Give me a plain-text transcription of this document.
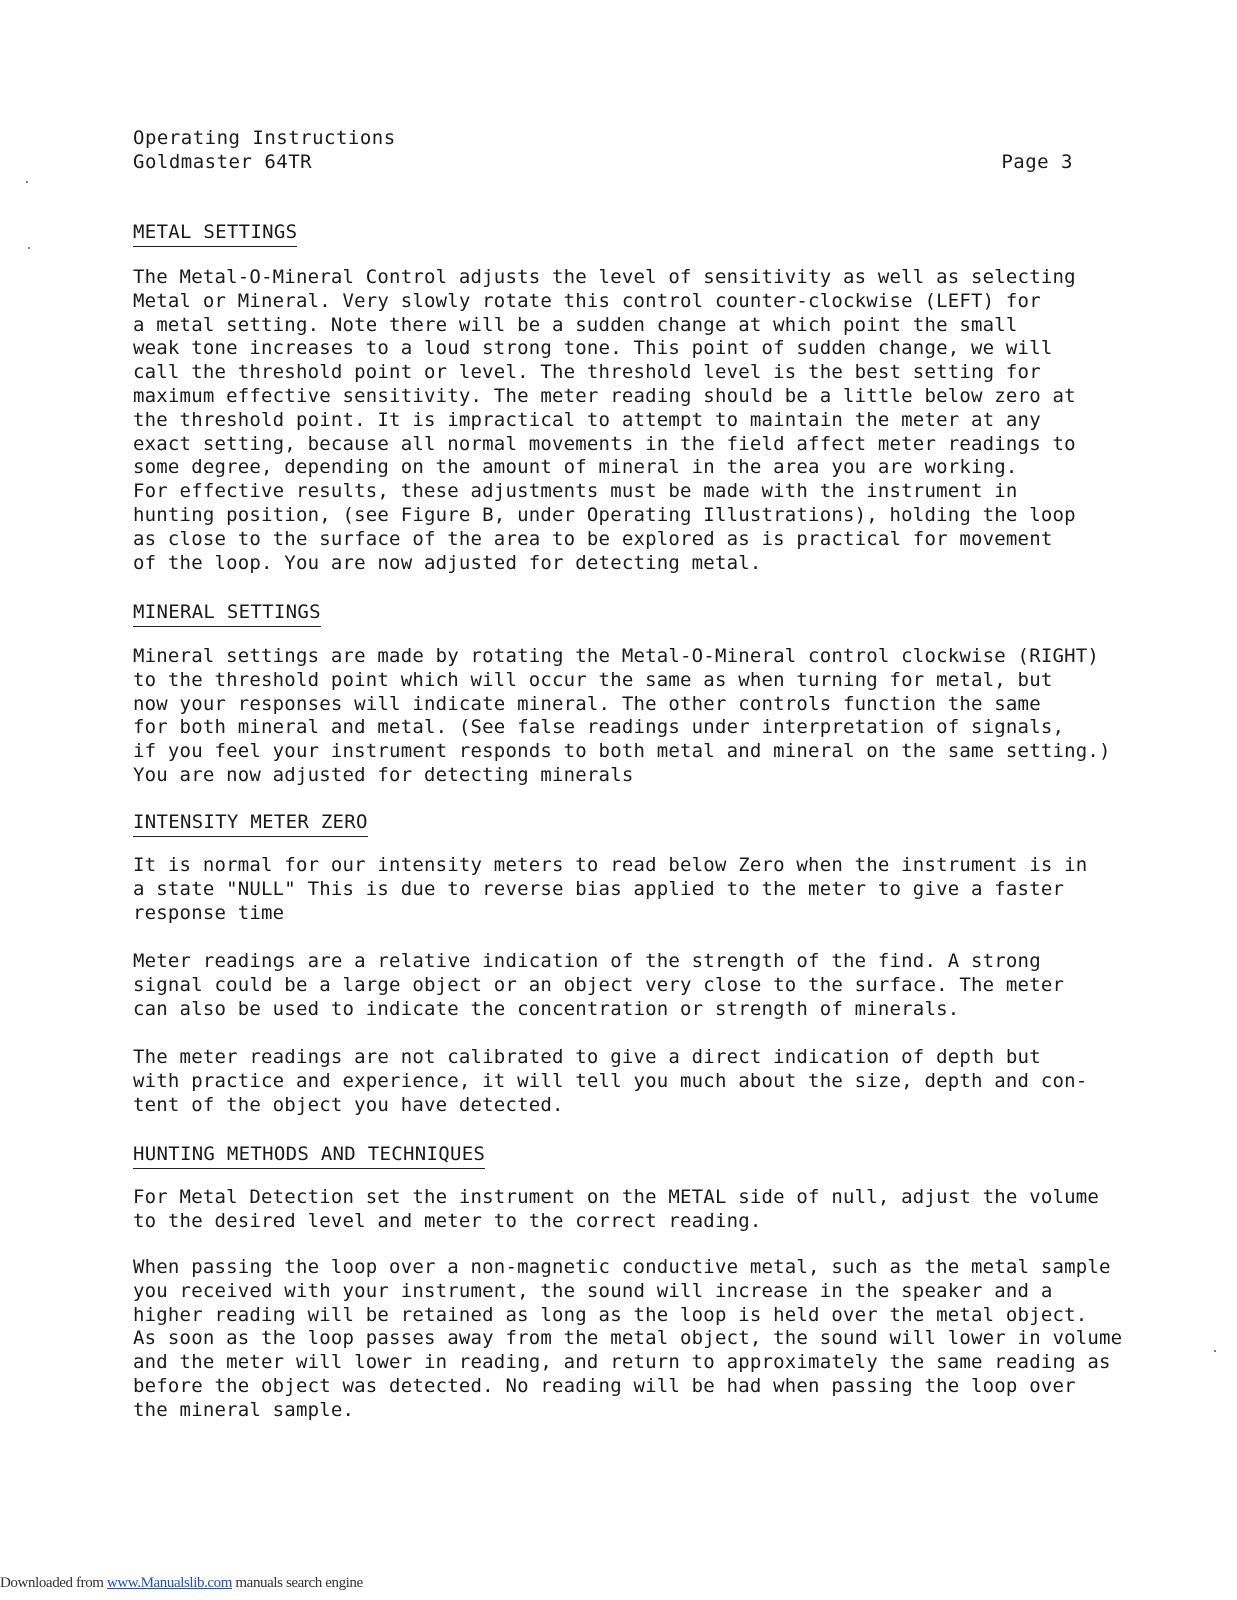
Operating Instructions
Goldmaster 64TR	Page 3
METAL SETTINGS
The Metal-O-Mineral Control adjusts the level of sensitivity as well as selecting
Metal or Mineral. Very slowly rotate this control counter-clockwise (LEFT) for
a metal setting. Note there will be a sudden change at which point the small
weak tone increases to a loud strong tone. This point of sudden change, we will
call the threshold point or level. The threshold level is the best setting for
maximum effective sensitivity. The meter reading should be a little below zero at
the threshold point. It is impractical to attempt to maintain the meter at any
exact setting, because all normal movements in the field affect meter readings to
some degree, depending on the amount of mineral in the area you are working.
For effective results, these adjustments must be made with the instrument in
hunting position, (see Figure B, under Operating Illustrations), holding the loop
as close to the surface of the area to be explored as is practical for movement
of the loop. You are now adjusted for detecting metal.
MINERAL SETTINGS
Mineral settings are made by rotating the Metal-O-Mineral control clockwise (RIGHT)
to the threshold point which will occur the same as when turning for metal, but
now your responses will indicate mineral. The other controls function the same
for both mineral and metal. (See false readings under interpretation of signals,
if you feel your instrument responds to both metal and mineral on the same setting.)
You are now adjusted for detecting minerals
INTENSITY METER ZERO
It is normal for our intensity meters to read below Zero when the instrument is in
a state "NULL" This is due to reverse bias applied to the meter to give a faster
response time
Meter readings are a relative indication of the strength of the find. A strong
signal could be a large object or an object very close to the surface. The meter
can also be used to indicate the concentration or strength of minerals.
The meter readings are not calibrated to give a direct indication of depth but
with practice and experience, it will tell you much about the size, depth and con-
tent of the object you have detected.
HUNTING METHODS AND TECHNIQUES
For Metal Detection set the instrument on the METAL side of null, adjust the volume
to the desired level and meter to the correct reading.
When passing the loop over a non-magnetic conductive metal, such as the metal sample
you received with your instrument, the sound will increase in the speaker and a
higher reading will be retained as long as the loop is held over the metal object.
As soon as the loop passes away from the metal object, the sound will lower in volume
and the meter will lower in reading, and return to approximately the same reading as
before the object was detected. No reading will be had when passing the loop over
the mineral sample.
Downloaded from www.Manualslib.com manuals search engine
